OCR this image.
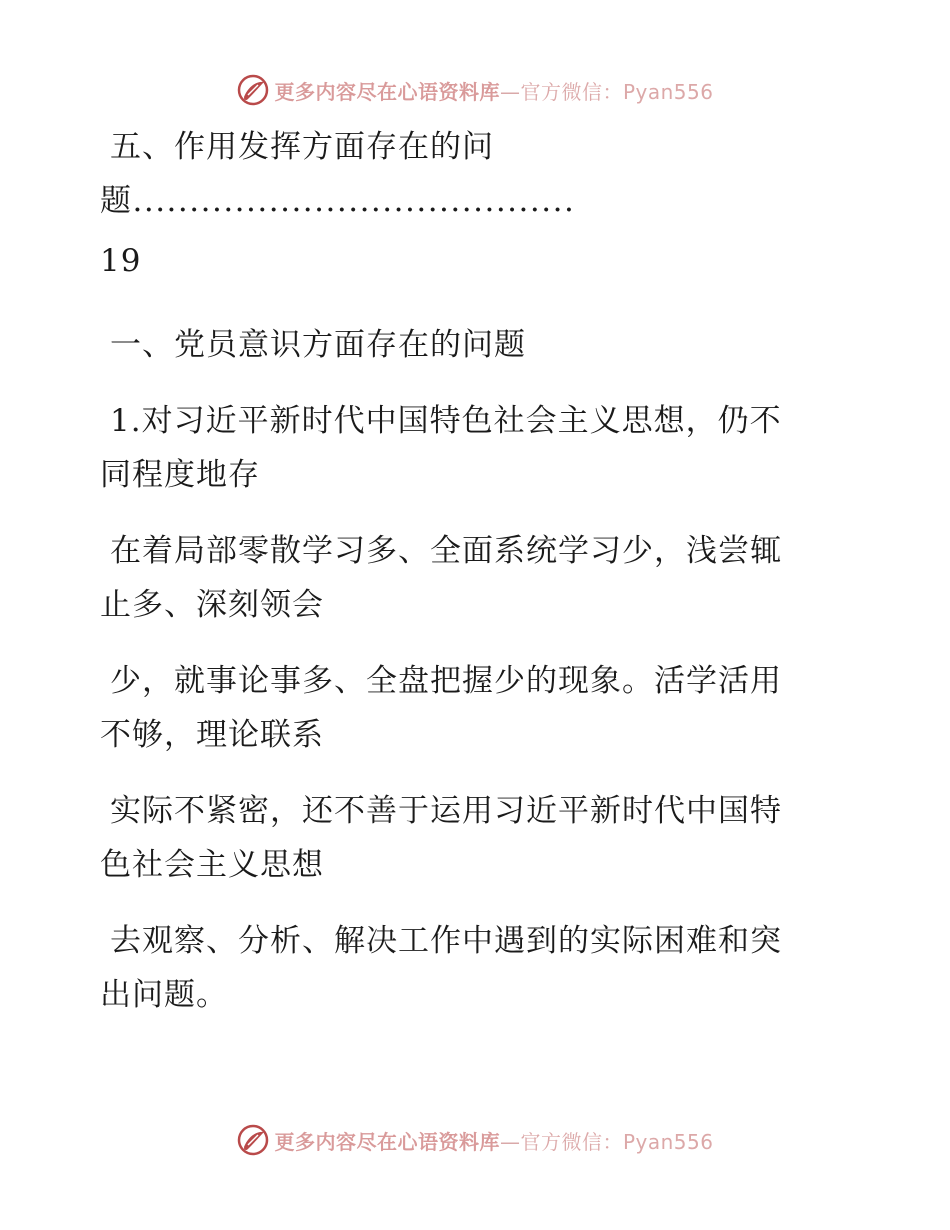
更多内容尽在心语资料库—官方微信：Pyan556
五、作用发挥方面存在的问
题.......................................
19
一、党员意识方面存在的问题
1.对习近平新时代中国特色社会主义思想，仍不
同程度地存
在着局部零散学习多、全面系统学习少，浅尝辄
止多、深刻领会
少，就事论事多、全盘把握少的现象。活学活用
不够，理论联系
实际不紧密，还不善于运用习近平新时代中国特
色社会主义思想
去观察、分析、解决工作中遇到的实际困难和突
出问题。
更多内容尽在心语资料库—官方微信：Pyan556
